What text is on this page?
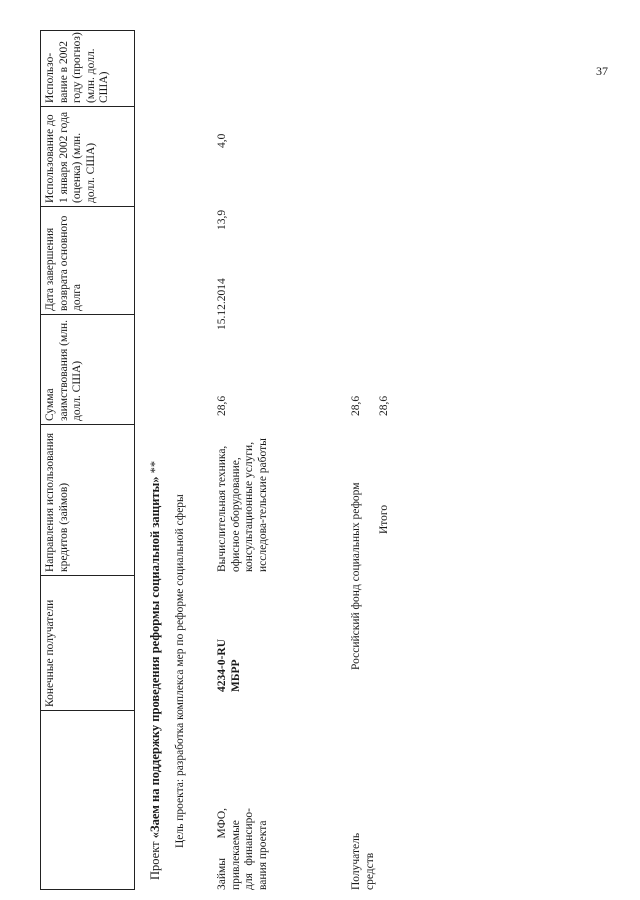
37
Конечные получатели
Направления использования кредитов (займов)
Сумма заимствования (млн. долл. США)
Дата завершения возврата основного долга
Использование до 1 января 2002 года (оценка) (млн. долл. США)
Использо-вание в 2002 году (прогноз) (млн. долл. США)
Проект «Заем на поддержку проведения реформы социальной защиты» **
Цель проекта: разработка комплекса мер по реформе социальной сферы
Займы
МФО, привлекаемые для
финансиро- вания проекта
4234-0-RU МБРР
Вычислительная техника, офисное оборудование, консультационные услуги, исследова-тельские работы
28,6
15.12.2014
13,9
4,0
Получатель средств
Российский фонд социальных реформ
28,6
Итого
28,6
